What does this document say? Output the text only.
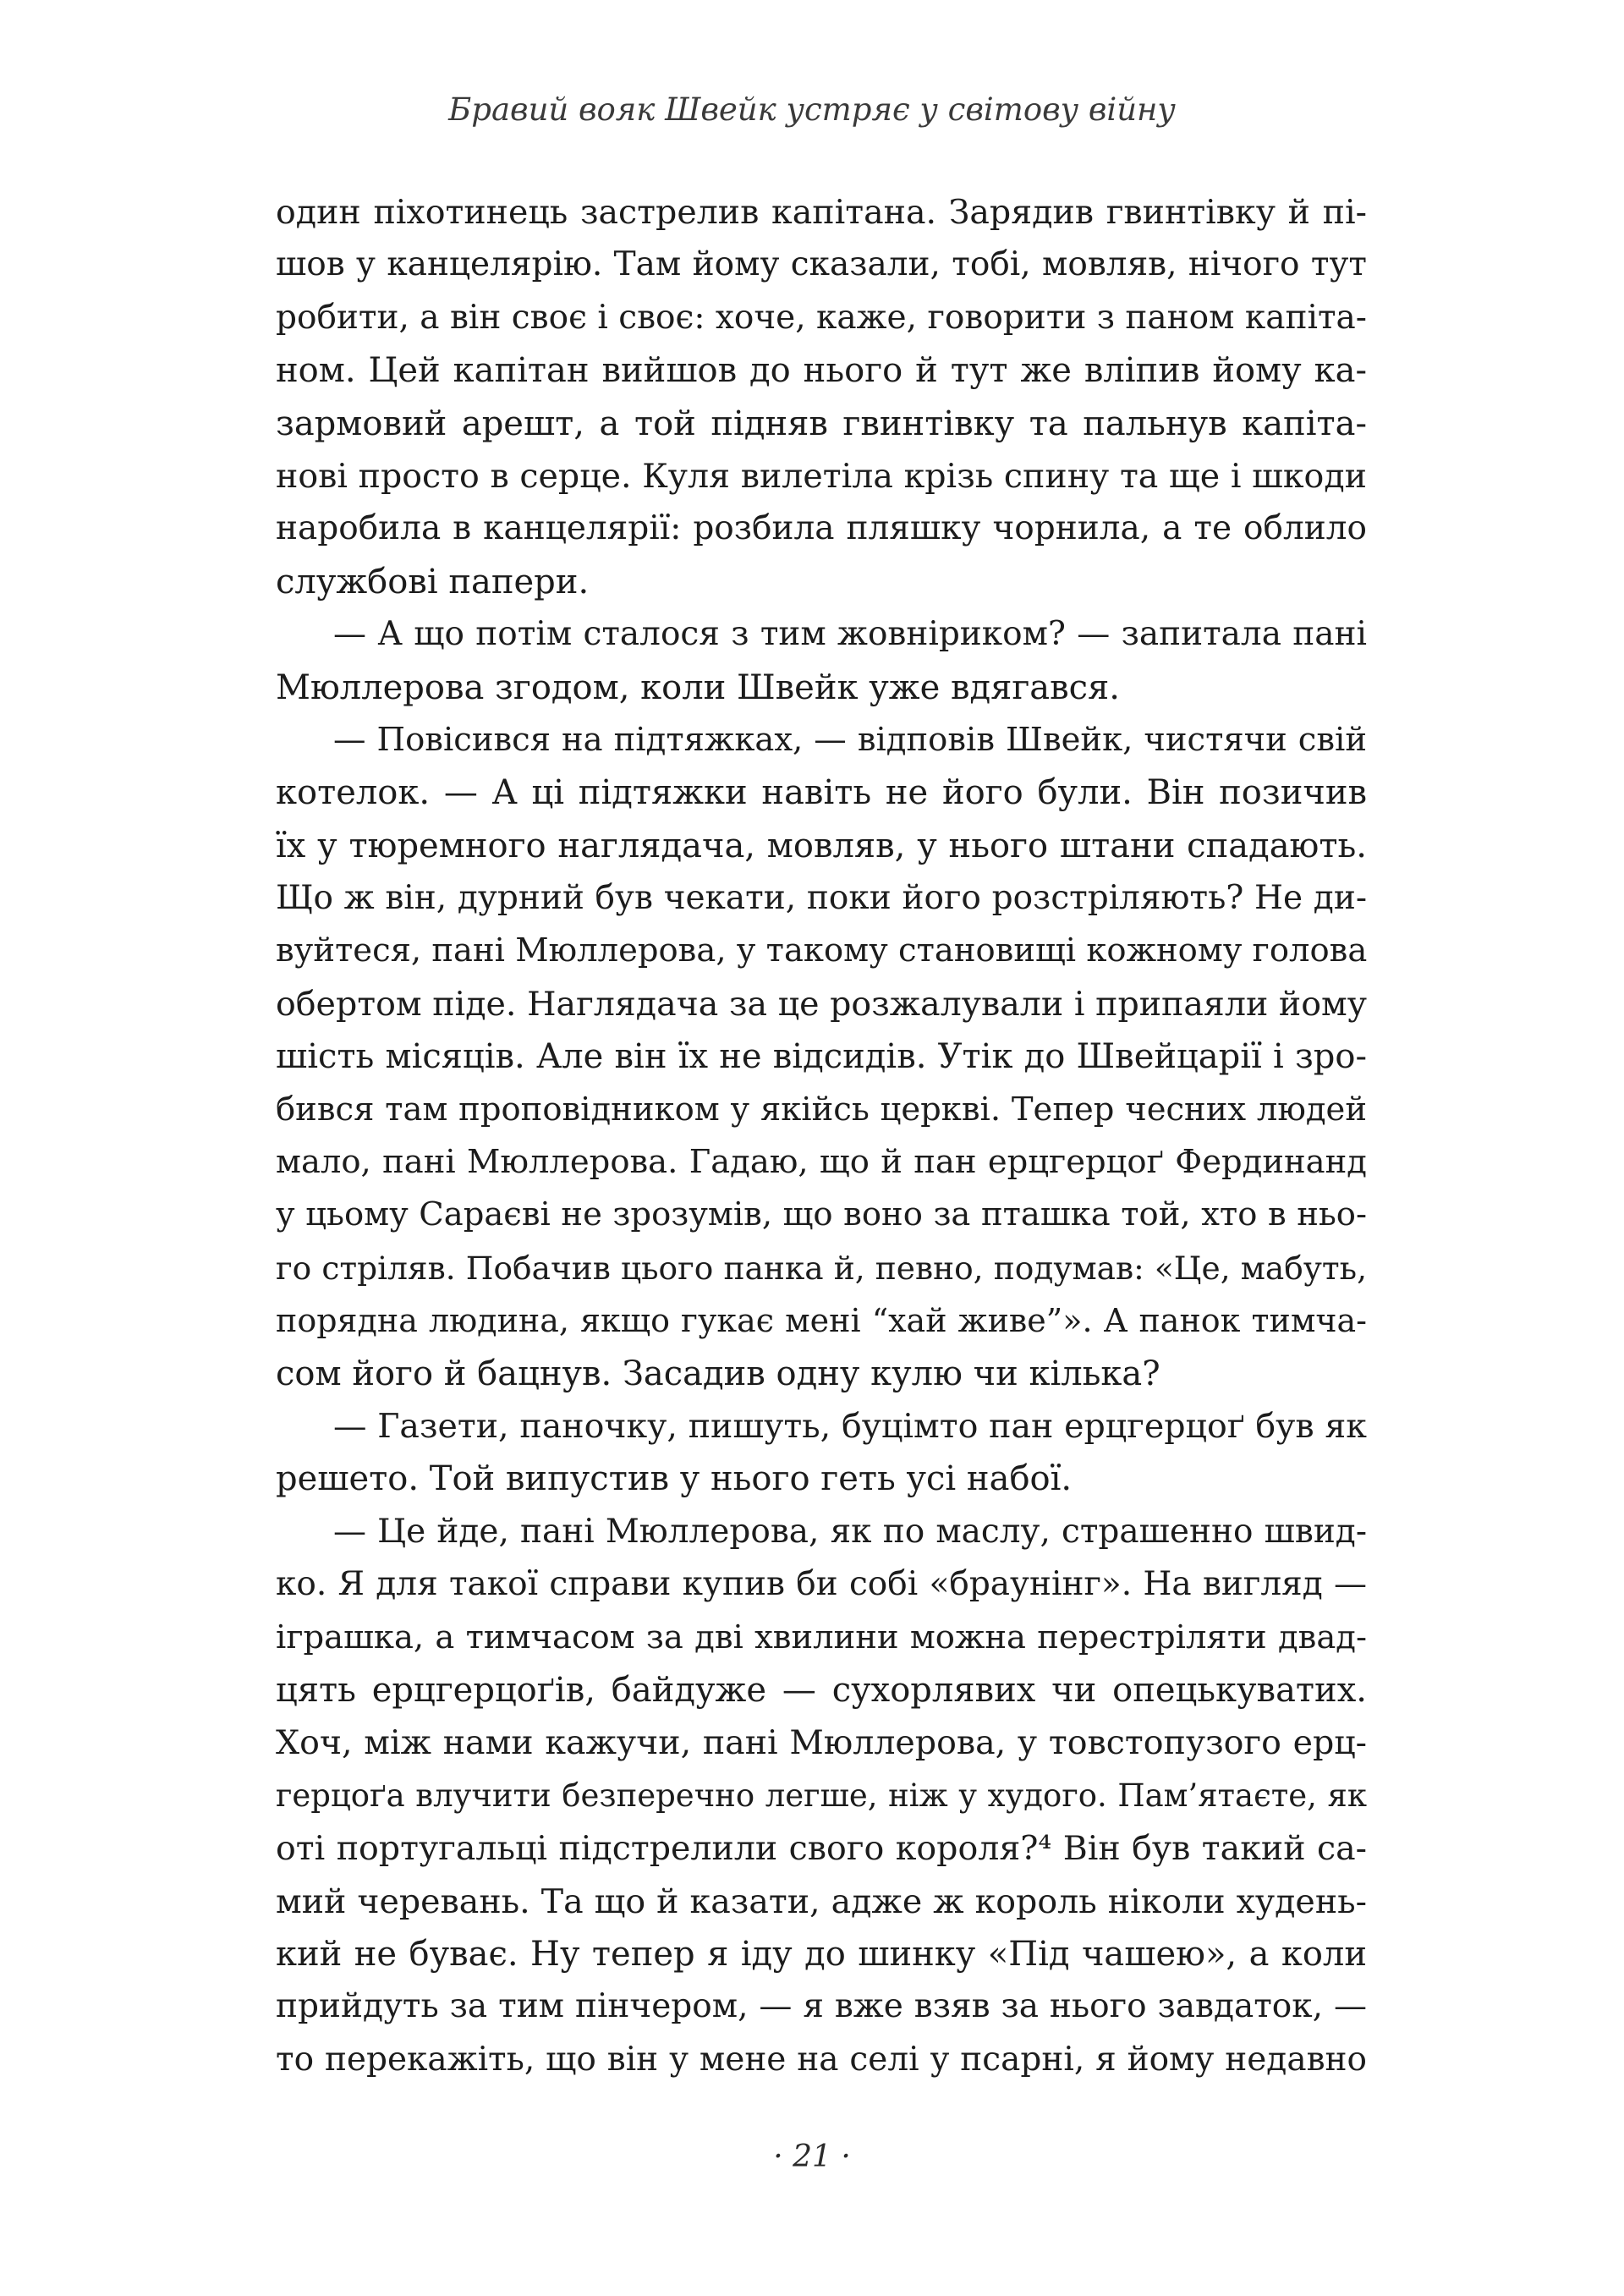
Бравий вояк Швейк устряє у світову війну
один піхотинець застрелив капітана. Зарядив гвинтівку й пі-
шов у канцелярію. Там йому сказали, тобі, мовляв, нічого тут
робити, а він своє і своє: хоче, каже, говорити з паном капіта-
ном. Цей капітан вийшов до нього й тут же вліпив йому ка-
зармовий арешт, а той підняв гвинтівку та пальнув капіта-
нові просто в серце. Куля вилетіла крізь спину та ще і шкоди
наробила в канцелярії: розбила пляшку чорнила, а те облило
службові папери.
— А що потім сталося з тим жовніриком? — запитала пані
Мюллерова згодом, коли Швейк уже вдягався.
— Повісився на підтяжках, — відповів Швейк, чистячи свій
котелок. — А ці підтяжки навіть не його були. Він позичив
їх у тюремного наглядача, мовляв, у нього штани спадають.
Що ж він, дурний був чекати, поки його розстріляють? Не ди-
вуйтеся, пані Мюллерова, у такому становищі кожному голова
обертом піде. Наглядача за це розжалували і припаяли йому
шість місяців. Але він їх не відсидів. Утік до Швейцарії і зро-
бився там проповідником у якійсь церкві. Тепер чесних людей
мало, пані Мюллерова. Гадаю, що й пан ерцгерцоґ Фердинанд
у цьому Сараєві не зрозумів, що воно за пташка той, хто в ньо-
го стріляв. Побачив цього панка й, певно, подумав: «Це, мабуть,
порядна людина, якщо гукає мені “хай живе”». А панок тимча-
сом його й бацнув. Засадив одну кулю чи кілька?
— Газети, паночку, пишуть, буцімто пан ерцгерцоґ був як
решето. Той випустив у нього геть усі набої.
— Це йде, пані Мюллерова, як по маслу, страшенно швид-
ко. Я для такої справи купив би собі «браунінг». На вигляд —
іграшка, а тимчасом за дві хвилини можна перестріляти двад-
цять ерцгерцоґів, байдуже — сухорлявих чи опецькуватих.
Хоч, між нами кажучи, пані Мюллерова, у товстопузого ерц-
герцоґа влучити безперечно легше, ніж у худого. Пам’ятаєте, як
оті португальці підстрелили свого короля?⁴ Він був такий са-
мий черевань. Та що й казати, адже ж король ніколи худень-
кий не буває. Ну тепер я іду до шинку «Під чашею», а коли
прийдуть за тим пінчером, — я вже взяв за нього завдаток, —
то перекажіть, що він у мене на селі у псарні, я йому недавно
· 21 ·
